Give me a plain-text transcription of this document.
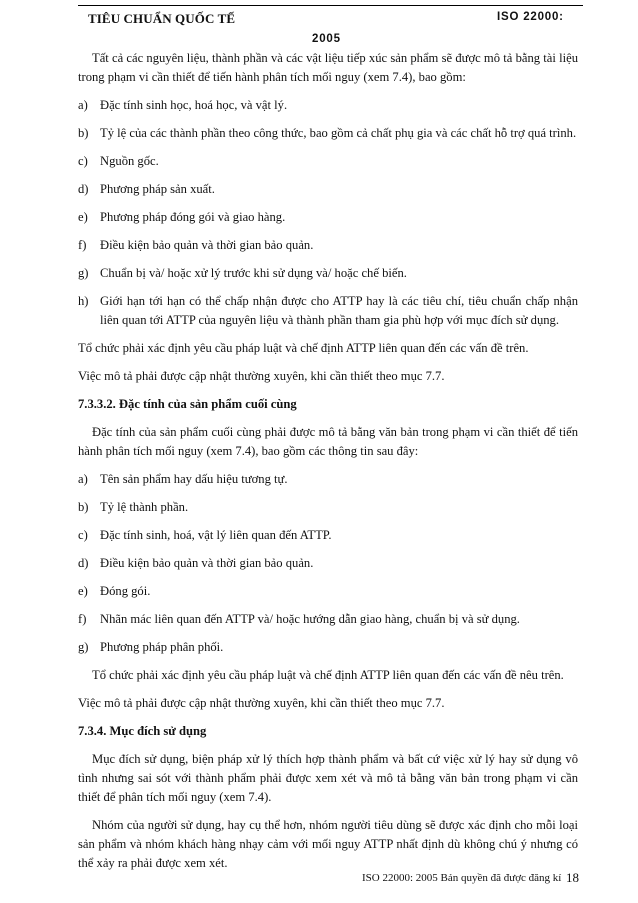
TIÊU CHUẨN QUỐC TẾ	ISO 22000:
2005

Tất cả các nguyên liệu, thành phần và các vật liệu tiếp xúc sản phẩm sẽ được mô tả bằng tài liệu trong phạm vi cần thiết để tiến hành phân tích mối nguy (xem 7.4), bao gồm:

a) Đặc tính sinh học, hoá học, và vật lý.
b) Tỷ lệ của các thành phần theo công thức, bao gồm cả chất phụ gia và các chất hỗ trợ quá trình.
c) Nguồn gốc.
d) Phương pháp sản xuất.
e) Phương pháp đóng gói và giao hàng.
f) Điều kiện bảo quản và thời gian bảo quản.
g) Chuẩn bị và/ hoặc xử lý trước khi sử dụng và/ hoặc chế biến.
h) Giới hạn tới hạn có thể chấp nhận được cho ATTP hay là các tiêu chí, tiêu chuẩn chấp nhận liên quan tới ATTP của nguyên liệu và thành phần tham gia phù hợp với mục đích sử dụng.

Tổ chức phải xác định yêu cầu pháp luật và chế định ATTP liên quan đến các vấn đề trên.

Việc mô tả phải được cập nhật thường xuyên, khi cần thiết theo mục 7.7.

7.3.3.2. Đặc tính của sản phẩm cuối cùng

Đặc tính của sản phẩm cuối cùng phải được mô tả bằng văn bản trong phạm vi cần thiết để tiến hành phân tích mối nguy (xem 7.4), bao gồm các thông tin sau đây:

a) Tên sản phẩm hay dấu hiệu tương tự.
b) Tỷ lệ thành phần.
c) Đặc tính sinh, hoá, vật lý liên quan đến ATTP.
d) Điều kiện bảo quản và thời gian bảo quản.
e) Đóng gói.
f) Nhãn mác liên quan đến ATTP và/ hoặc hướng dẫn giao hàng, chuẩn bị và sử dụng.
g) Phương pháp phân phối.

Tổ chức phải xác định yêu cầu pháp luật và chế định ATTP liên quan đến các vấn đề nêu trên.

Việc mô tả phải được cập nhật thường xuyên, khi cần thiết theo mục 7.7.

7.3.4. Mục đích sử dụng

Mục đích sử dụng, biện pháp xử lý thích hợp thành phẩm và bất cứ việc xử lý hay sử dụng vô tình nhưng sai sót với thành phẩm phải được xem xét và mô tả bằng văn bản trong phạm vi cần thiết để phân tích mối nguy (xem 7.4).

Nhóm của người sử dụng, hay cụ thể hơn, nhóm người tiêu dùng sẽ được xác định cho mỗi loại sản phẩm và nhóm khách hàng nhạy cảm với mối nguy ATTP nhất định dù không chú ý nhưng có thể xảy ra phải được xem xét.

ISO 22000: 2005 Bản quyền đã được đăng kí 18
